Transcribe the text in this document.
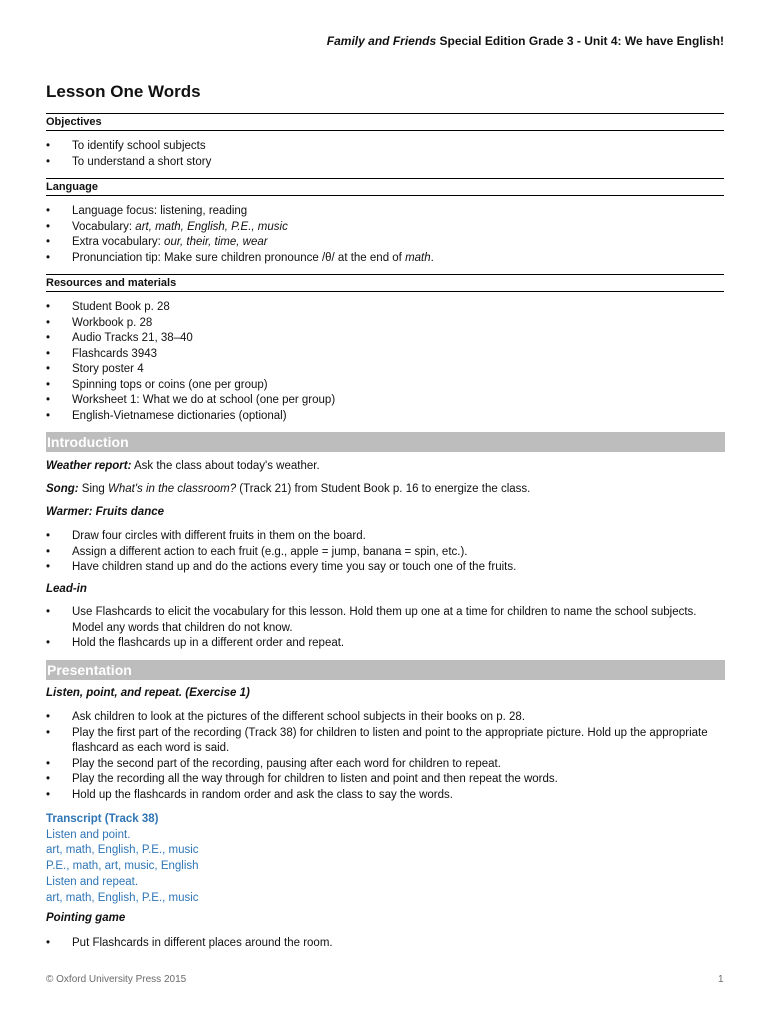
Family and Friends Special Edition Grade 3 - Unit 4: We have English!
Lesson One Words
Objectives
• To identify school subjects
• To understand a short story
Language
• Language focus: listening, reading
• Vocabulary: art, math, English, P.E., music
• Extra vocabulary: our, their, time, wear
• Pronunciation tip: Make sure children pronounce /θ/ at the end of math.
Resources and materials
• Student Book p. 28
• Workbook p. 28
• Audio Tracks 21, 38–40
• Flashcards 3943
• Story poster 4
• Spinning tops or coins (one per group)
• Worksheet 1: What we do at school (one per group)
• English-Vietnamese dictionaries (optional)
Introduction
Weather report: Ask the class about today's weather.
Song: Sing What's in the classroom? (Track 21) from Student Book p. 16 to energize the class.
Warmer: Fruits dance
• Draw four circles with different fruits in them on the board.
• Assign a different action to each fruit (e.g., apple = jump, banana = spin, etc.).
• Have children stand up and do the actions every time you say or touch one of the fruits.
Lead-in
• Use Flashcards to elicit the vocabulary for this lesson. Hold them up one at a time for children to name the school subjects. Model any words that children do not know.
• Hold the flashcards up in a different order and repeat.
Presentation
Listen, point, and repeat. (Exercise 1)
• Ask children to look at the pictures of the different school subjects in their books on p. 28.
• Play the first part of the recording (Track 38) for children to listen and point to the appropriate picture. Hold up the appropriate flashcard as each word is said.
• Play the second part of the recording, pausing after each word for children to repeat.
• Play the recording all the way through for children to listen and point and then repeat the words.
• Hold up the flashcards in random order and ask the class to say the words.
Transcript (Track 38)
Listen and point.
art, math, English, P.E., music
P.E., math, art, music, English
Listen and repeat.
art, math, English, P.E., music
Pointing game
• Put Flashcards in different places around the room.
© Oxford University Press 2015	1
